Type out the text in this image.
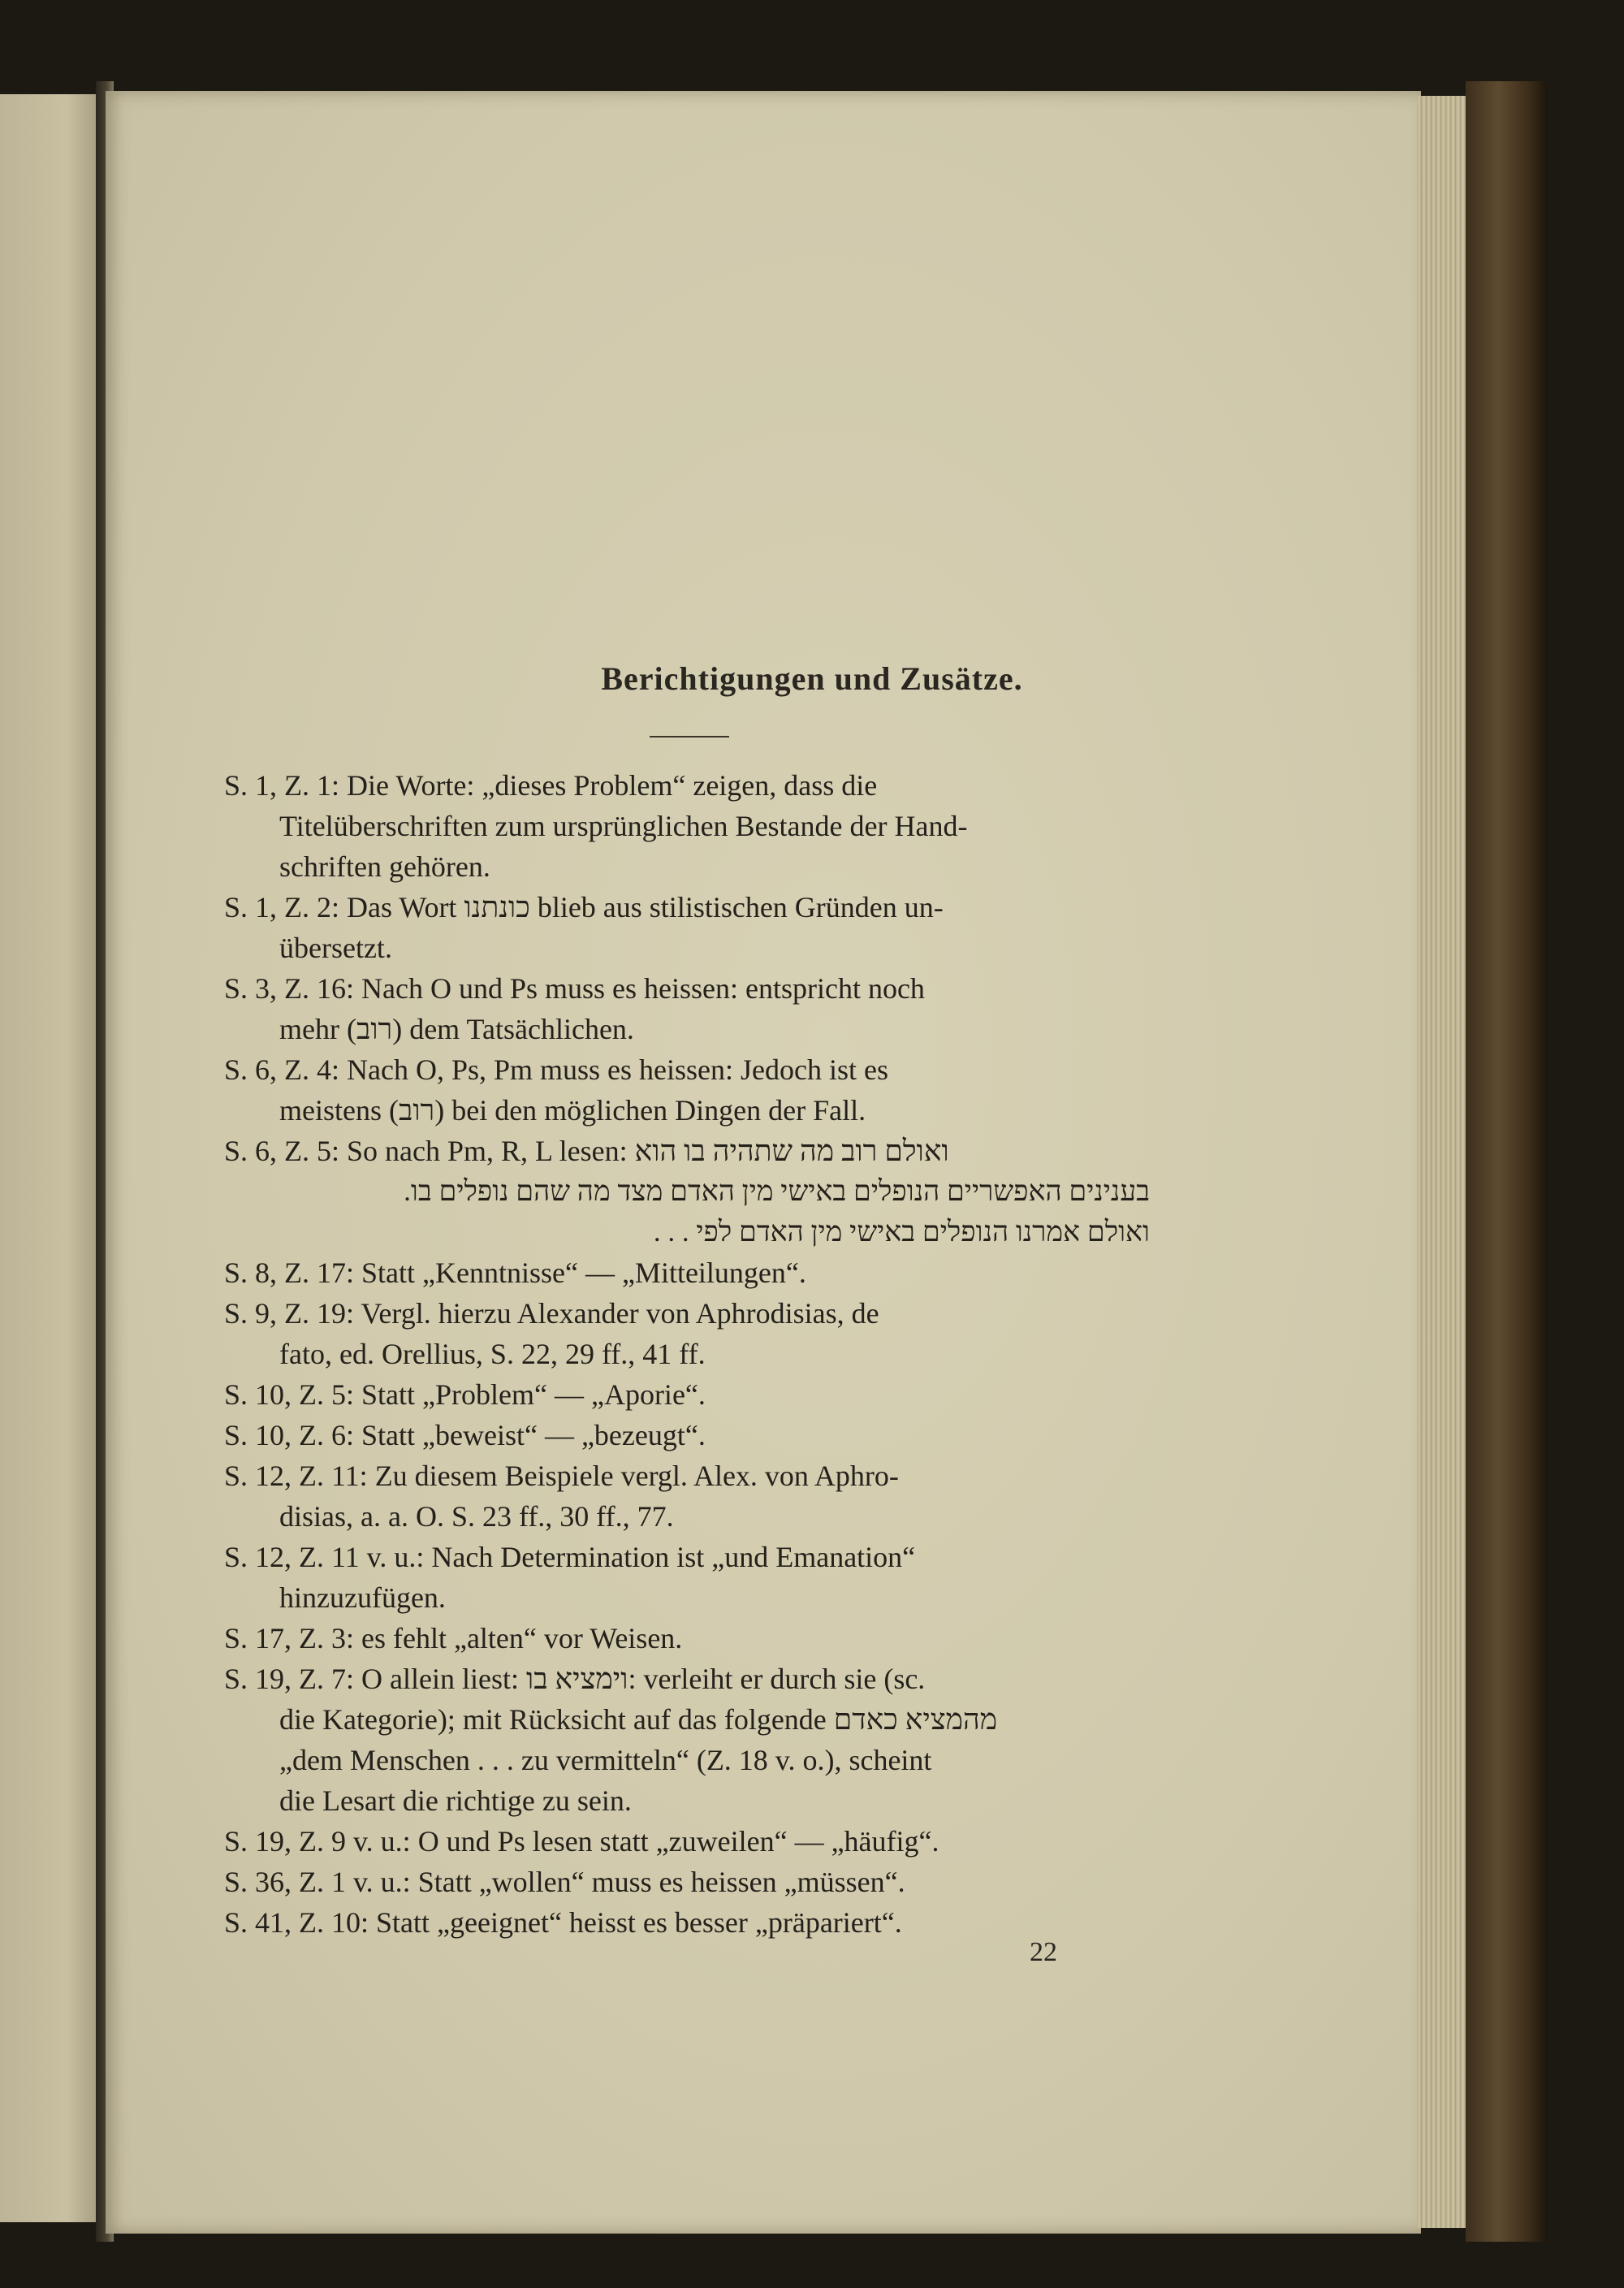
Berichtigungen und Zusätze.

S. 1, Z. 1: Die Worte: „dieses Problem“ zeigen, dass die

Titelüberschriften zum ursprünglichen Bestande der Hand-

schriften gehören.

S. 1, Z. 2: Das Wort כונתנו blieb aus stilistischen Gründen un-

übersetzt.

S. 3, Z. 16: Nach O und Ps muss es heissen: entspricht noch

mehr (רוב) dem Tatsächlichen.

S. 6, Z. 4: Nach O, Ps, Pm muss es heissen: Jedoch ist es

meistens (רוב) bei den möglichen Dingen der Fall.

S. 6, Z. 5: So nach Pm, R, L lesen: ואולם רוב מה שתהיה בו הוא

בענינים האפשריים הנופלים באישי מין האדם מצד מה שהם נופלים בו.

ואולם אמרנו הנופלים באישי מין האדם לפי . . .

S. 8, Z. 17: Statt „Kenntnisse“ — „Mitteilungen“.

S. 9, Z. 19: Vergl. hierzu Alexander von Aphrodisias, de

fato, ed. Orellius, S. 22, 29 ff., 41 ff.

S. 10, Z. 5: Statt „Problem“ — „Aporie“.

S. 10, Z. 6: Statt „beweist“ — „bezeugt“.

S. 12, Z. 11: Zu diesem Beispiele vergl. Alex. von Aphro-

disias, a. a. O. S. 23 ff., 30 ff., 77.

S. 12, Z. 11 v. u.: Nach Determination ist „und Emanation“

hinzuzufügen.

S. 17, Z. 3: es fehlt „alten“ vor Weisen.

S. 19, Z. 7: O allein liest: וימציא בו: verleiht er durch sie (sc.

die Kategorie); mit Rücksicht auf das folgende מהמציא כאדם

„dem Menschen . . . zu vermitteln“ (Z. 18 v. o.), scheint

die Lesart die richtige zu sein.

S. 19, Z. 9 v. u.: O und Ps lesen statt „zuweilen“ — „häufig“.

S. 36, Z. 1 v. u.: Statt „wollen“ muss es heissen „müssen“.

S. 41, Z. 10: Statt „geeignet“ heisst es besser „präpariert“.

22
